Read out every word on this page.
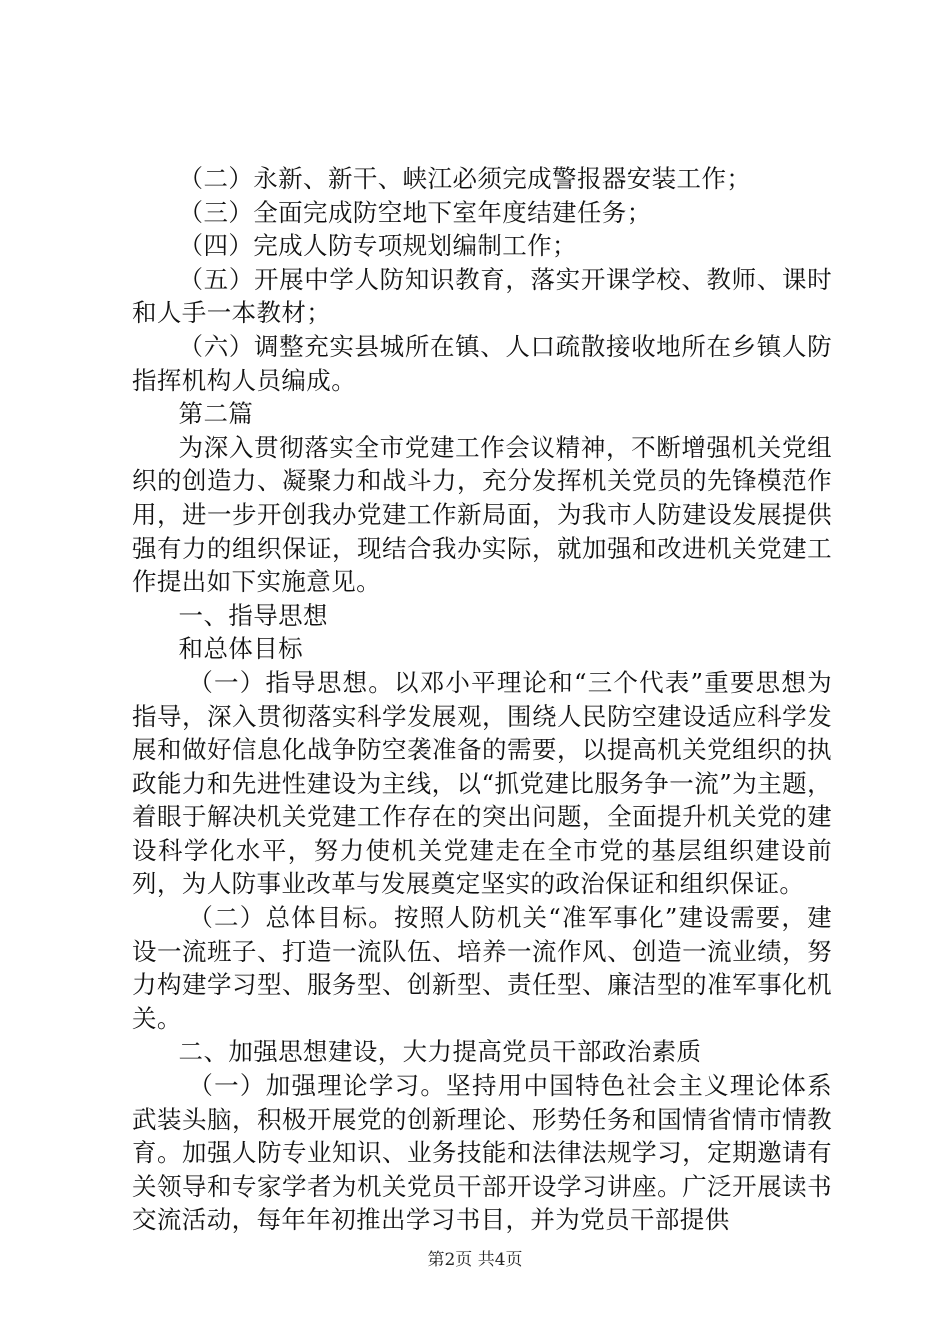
（二）永新、新干、峡江必须完成警报器安装工作；

（三）全面完成防空地下室年度结建任务；

（四）完成人防专项规划编制工作；

（五）开展中学人防知识教育，落实开课学校、教师、课时和人手一本教材；

（六）调整充实县城所在镇、人口疏散接收地所在乡镇人防指挥机构人员编成。

第二篇

为深入贯彻落实全市党建工作会议精神，不断增强机关党组织的创造力、凝聚力和战斗力，充分发挥机关党员的先锋模范作用，进一步开创我办党建工作新局面，为我市人防建设发展提供强有力的组织保证，现结合我办实际，就加强和改进机关党建工作提出如下实施意见。

一、指导思想

和总体目标

（一）指导思想。以邓小平理论和“三个代表”重要思想为指导，深入贯彻落实科学发展观，围绕人民防空建设适应科学发展和做好信息化战争防空袭准备的需要，以提高机关党组织的执政能力和先进性建设为主线，以“抓党建比服务争一流”为主题，着眼于解决机关党建工作存在的突出问题，全面提升机关党的建设科学化水平，努力使机关党建走在全市党的基层组织建设前列，为人防事业改革与发展奠定坚实的政治保证和组织保证。

（二）总体目标。按照人防机关“准军事化”建设需要，建设一流班子、打造一流队伍、培养一流作风、创造一流业绩，努力构建学习型、服务型、创新型、责任型、廉洁型的准军事化机关。

二、加强思想建设，大力提高党员干部政治素质

（一）加强理论学习。坚持用中国特色社会主义理论体系武装头脑，积极开展党的创新理论、形势任务和国情省情市情教育。加强人防专业知识、业务技能和法律法规学习，定期邀请有关领导和专家学者为机关党员干部开设学习讲座。广泛开展读书交流活动，每年年初推出学习书目，并为党员干部提供

第2页 共4页
